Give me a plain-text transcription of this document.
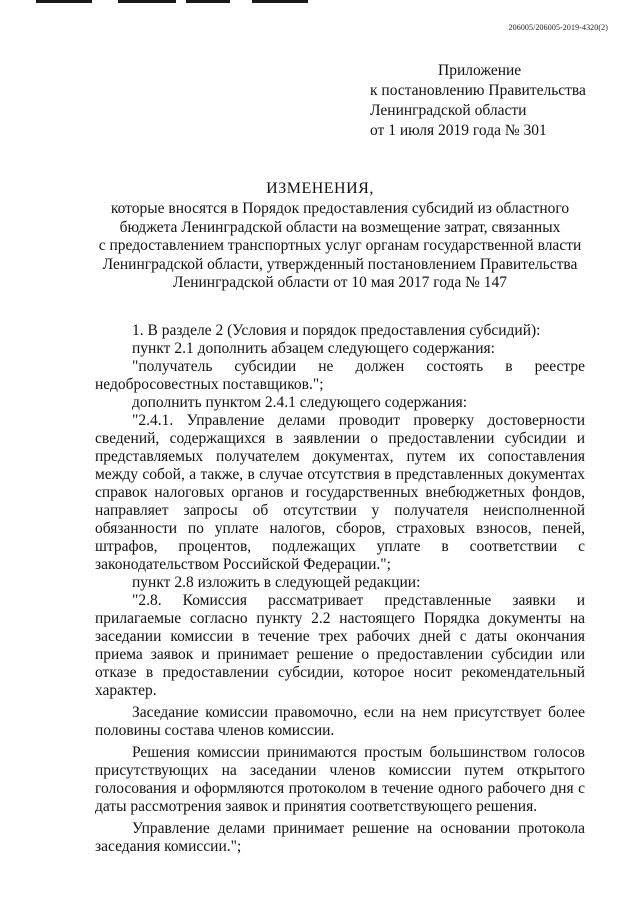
206005/206005-2019-4320(2)
Приложение
к постановлению Правительства
Ленинградской области
от 1 июля 2019 года № 301
ИЗМЕНЕНИЯ,
которые вносятся в Порядок предоставления субсидий из областного
бюджета Ленинградской области на возмещение затрат, связанных
с предоставлением транспортных услуг органам государственной власти
Ленинградской области, утвержденный постановлением Правительства
Ленинградской области от 10 мая 2017 года № 147

1. В разделе 2 (Условия и порядок предоставления субсидий):

пункт 2.1 дополнить абзацем следующего содержания:

"получатель субсидии не должен состоять в реестре недобросовестных поставщиков.";

дополнить пунктом 2.4.1 следующего содержания:

"2.4.1. Управление делами проводит проверку достоверности сведений, содержащихся в заявлении о предоставлении субсидии и представляемых получателем документах, путем их сопоставления между собой, а также, в случае отсутствия в представленных документах справок налоговых органов и государственных внебюджетных фондов, направляет запросы об отсутствии у получателя неисполненной обязанности по уплате налогов, сборов, страховых взносов, пеней, штрафов, процентов, подлежащих уплате в соответствии с законодательством Российской Федерации.";

пункт 2.8 изложить в следующей редакции:

"2.8. Комиссия рассматривает представленные заявки и прилагаемые согласно пункту 2.2 настоящего Порядка документы на заседании комиссии в течение трех рабочих дней с даты окончания приема заявок и принимает решение о предоставлении субсидии или отказе в предоставлении субсидии, которое носит рекомендательный характер.

Заседание комиссии правомочно, если на нем присутствует более половины состава членов комиссии.

Решения комиссии принимаются простым большинством голосов присутствующих на заседании членов комиссии путем открытого голосования и оформляются протоколом в течение одного рабочего дня с даты рассмотрения заявок и принятия соответствующего решения.

Управление делами принимает решение на основании протокола заседания комиссии.";
